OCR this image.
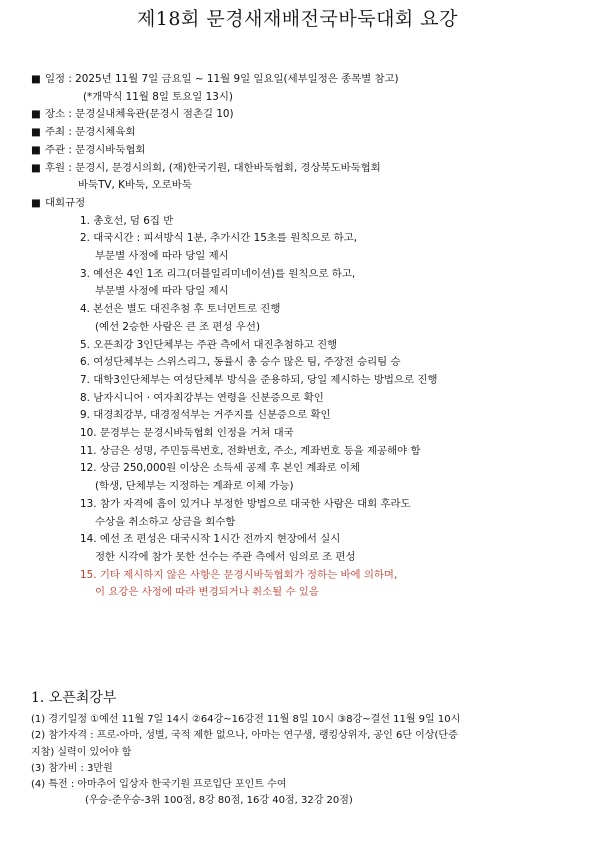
제18회 문경새재배전국바둑대회 요강
■일정 : 2025년 11월 7일 금요일 ~ 11월 9일 일요일(세부일정은 종목별 참고)
(*개막식 11월 8일 토요일 13시)
■장소 : 문경실내체육관(문경시 점촌길 10)
■주최 : 문경시체육회
■주관 : 문경시바둑협회
■후원 : 문경시, 문경시의회, (재)한국기원, 대한바둑협회, 경상북도바둑협회
바둑TV, K바둑, 오로바둑
■대회규정
1. 총호선, 덤 6집 반
2. 대국시간 : 피셔방식 1분, 추가시간 15초를 원칙으로 하고,
부문별 사정에 따라 당일 제시
3. 예선은 4인 1조 리그(더블일리미네이션)를 원칙으로 하고,
부문별 사정에 따라 당일 제시
4. 본선은 별도 대진추첨 후 토너먼트로 진행
(예선 2승한 사람은 큰 조 편성 우선)
5. 오픈최강 3인단체부는 주관 측에서 대진추첨하고 진행
6. 여성단체부는 스위스리그, 동률시 총 승수 많은 팀, 주장전 승리팀 승
7. 대학3인단체부는 여성단체부 방식을 준용하되, 당일 제시하는 방법으로 진행
8. 남자시니어 · 여자최강부는 연령을 신분증으로 확인
9. 대경최강부, 대경정석부는 거주지를 신분증으로 확인
10. 문경부는 문경시바둑협회 인정을 거쳐 대국
11. 상금은 성명, 주민등록번호, 전화번호, 주소, 계좌번호 등을 제공해야 함
12. 상금 250,000원 이상은 소득세 공제 후 본인 계좌로 이체
(학생, 단체부는 지정하는 계좌로 이체 가능)
13. 참가 자격에 흠이 있거나 부정한 방법으로 대국한 사람은 대회 후라도
수상을 취소하고 상금을 회수함
14. 예선 조 편성은 대국시작 1시간 전까지 현장에서 실시
정한 시각에 참가 못한 선수는 주관 측에서 임의로 조 편성
15. 기타 제시하지 않은 사항은 문경시바둑협회가 정하는 바에 의하며,
이 요강은 사정에 따라 변경되거나 취소될 수 있음
1. 오픈최강부
(1) 경기일정 ①예선 11월 7일 14시 ②64강~16강전 11월 8일 10시 ③8강~결선 11월 9일 10시
(2) 참가자격 : 프로-아마, 성별, 국적 제한 없으나, 아마는 연구생, 랭킹상위자, 공인 6단 이상(단증
지참) 실력이 있어야 함
(3) 참가비 : 3만원
(4) 특전 : 아마추어 입상자 한국기원 프로입단 포인트 수여
(우승-준우승-3위 100점, 8강 80점, 16강 40점, 32강 20점)
